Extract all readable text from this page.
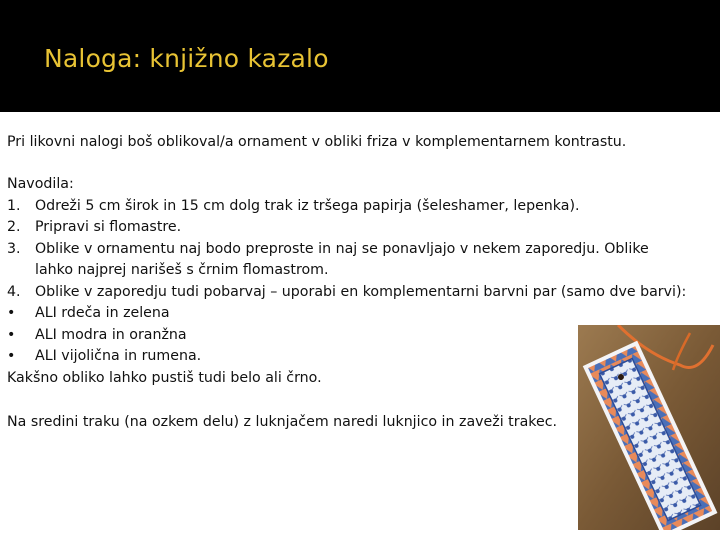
Naloga: knjižno kazalo
Pri likovni nalogi boš oblikoval/a ornament v obliki friza v komplementarnem kontrastu.
Navodila:
1. Odreži 5 cm širok in 15 cm dolg trak iz tršega papirja (šeleshamer, lepenka).
2. Pripravi si flomastre.
3. Oblike v ornamentu naj bodo preproste in naj se ponavljajo v nekem zaporedju. Oblike
lahko najprej narišeš s črnim flomastrom.
4. Oblike v zaporedju tudi pobarvaj – uporabi en komplementarni barvni par (samo dve barvi):
• ALI rdeča in zelena
• ALI modra in oranžna
• ALI vijolična in rumena.
Kakšno obliko lahko pustiš tudi belo ali črno.
Na sredini traku (na ozkem delu) z luknjačem naredi luknjico in zaveži trakec.
